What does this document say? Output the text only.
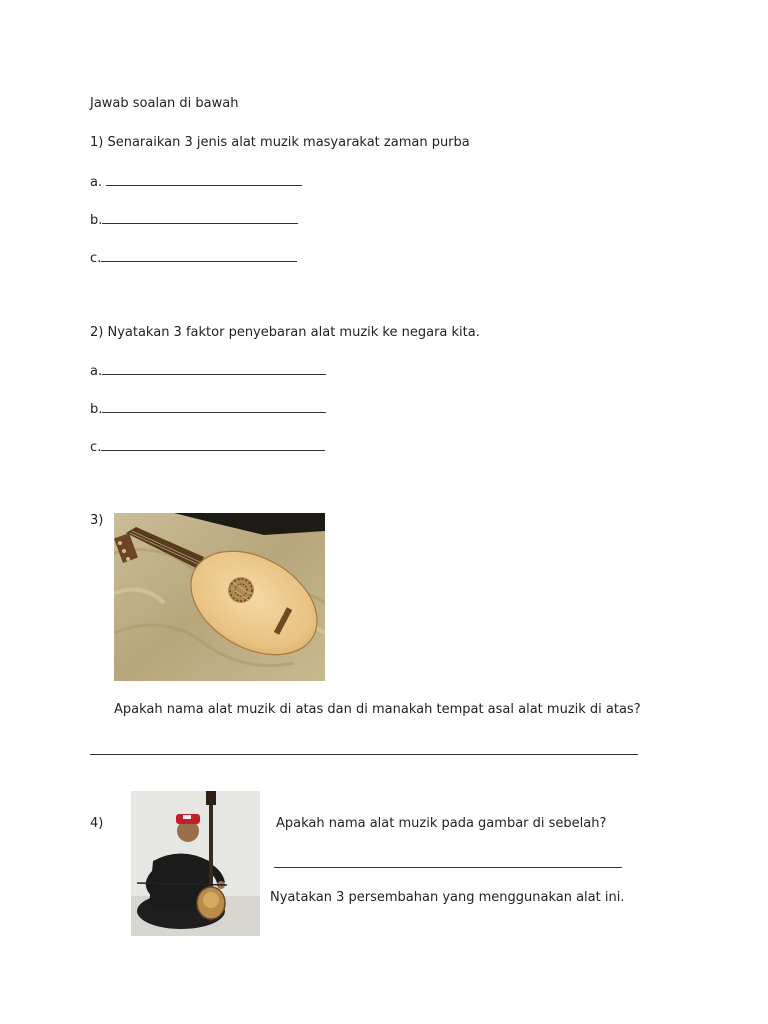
Jawab soalan di bawah
1) Senaraikan 3 jenis alat muzik masyarakat zaman purba
a.
b.
c.
2) Nyatakan 3 faktor penyebaran alat muzik ke negara kita.
a.
b.
c.
3)
Apakah nama alat muzik di atas dan di manakah tempat asal alat muzik di atas?
4)	Apakah nama alat muzik pada gambar di sebelah?
Nyatakan 3 persembahan yang menggunakan alat ini.
